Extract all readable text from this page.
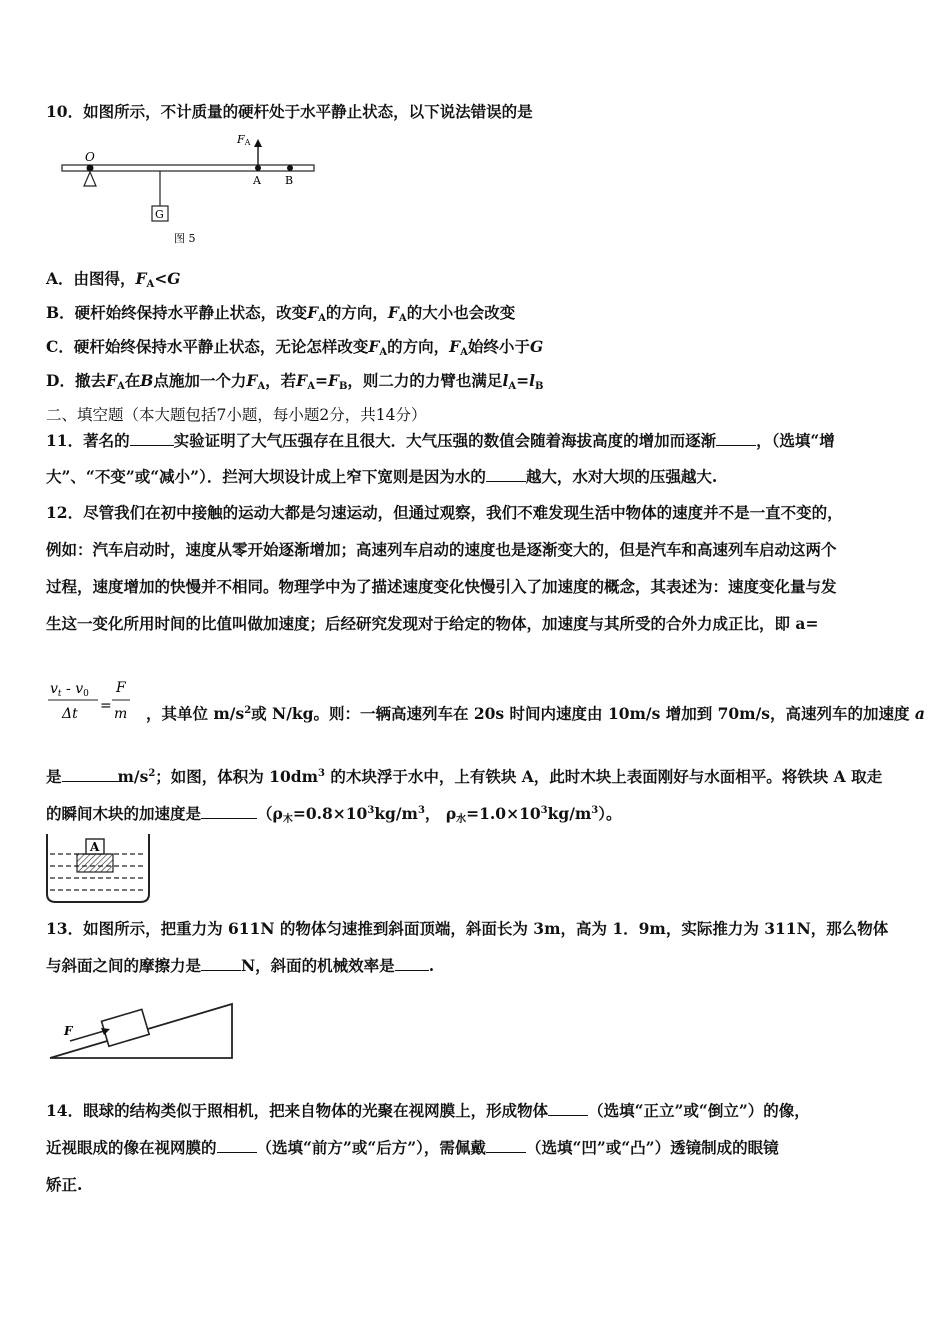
10．如图所示，不计质量的硬杆处于水平静止状态，以下说法错误的是
O
G
FA
A B
图 5
A．由图得，$F_A<G$
B．硬杆始终保持水平静止状态，改变$F_A$的方向，$F_A$的大小也会改变
C．硬杆始终保持水平静止状态，无论怎样改变$F_A$的方向，$F_A$始终小于G
D．撤去$F_A$在B点施加一个力$F_A$，若$F_A=F_B$，则二力的力臂也满足$l_A=l_B$
二、填空题（本大题包括7小题，每小题2分，共14分）
11．著名的	实验证明了大气压强存在且很大．大气压强的数值会随着海拔高度的增加而逐渐	，（选填“增
大”、“不变”或“减小”）．拦河大坝设计成上窄下宽则是因为水的	越大，水对大坝的压强越大.
12．尽管我们在初中接触的运动大都是匀速运动，但通过观察，我们不难发现生活中物体的速度并不是一直不变的，
例如：汽车启动时，速度从零开始逐渐增加；高速列车启动的速度也是逐渐变大的，但是汽车和高速列车启动这两个
过程，速度增加的快慢并不相同。物理学中为了描述速度变化快慢引入了加速度的概念，其表述为：速度变化量与发
生这一变化所用时间的比值叫做加速度；后经研究发现对于给定的物体，加速度与其所受的合外力成正比，即 a=
$v_t - v_0$
Δt =
F
m ，其单位 $m/s^2$或 N/kg。则：一辆高速列车在 20s 时间内速度由 10m/s 增加到 70m/s，高速列车的加速度 a
是	$m/s^2$；如图，体积为 $10dm^3$ 的木块浮于水中，上有铁块 A，此时木块上表面刚好与水面相平。将铁块 A 取走
的瞬间木块的加速度是	（$\rho_木=0.8\times 10^3kg/m^3$， $\rho_水=1.0\times 10^3kg/m^3$）。
A
13．如图所示，把重力为 611N 的物体匀速推到斜面顶端，斜面长为 3m，高为 1．9m，实际推力为 311N，那么物体
与斜面之间的摩擦力是	N，斜面的机械效率是 .
F
14．眼球的结构类似于照相机，把来自物体的光聚在视网膜上，形成物体	（选填“正立”或“倒立”）的像，
近视眼成的像在视网膜的	（选填“前方”或“后方”），需佩戴	（选填“凹”或“凸”）透镜制成的眼镜
矫正.
